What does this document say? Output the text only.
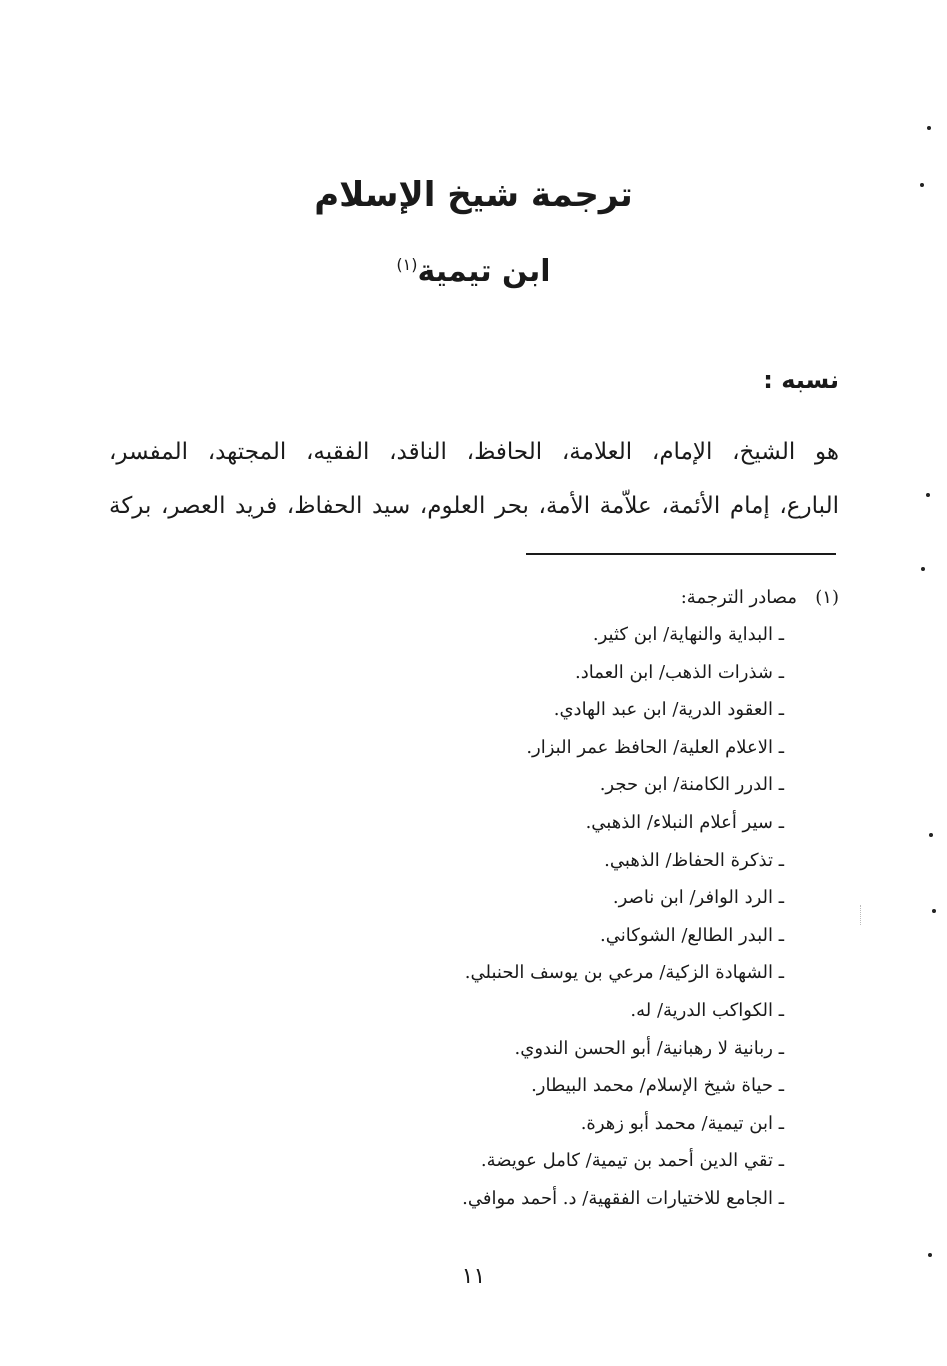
ترجمة شيخ الإسلام
ابن تيمية$^{(١)}$
نسبه :

هو الشيخ، الإمام، العلامة، الحافظ، الناقد، الفقيه، المجتهد، المفسر،

البارع، إمام الأئمة، علاّمة الأمة، بحر العلوم، سيد الحفاظ، فريد العصر، بركة

(١)مصادر الترجمة:
ـ البداية والنهاية/ ابن كثير.
ـ شذرات الذهب/ ابن العماد.
ـ العقود الدرية/ ابن عبد الهادي.
ـ الاعلام العلية/ الحافظ عمر البزار.
ـ الدرر الكامنة/ ابن حجر.
ـ سير أعلام النبلاء/ الذهبي.
ـ تذكرة الحفاظ/ الذهبي.
ـ الرد الوافر/ ابن ناصر.
ـ البدر الطالع/ الشوكاني.
ـ الشهادة الزكية/ مرعي بن يوسف الحنبلي.
ـ الكواكب الدرية/ له.
ـ ربانية لا رهبانية/ أبو الحسن الندوي.
ـ حياة شيخ الإسلام/ محمد البيطار.
ـ ابن تيمية/ محمد أبو زهرة.
ـ تقي الدين أحمد بن تيمية/ كامل عويضة.
ـ الجامع للاختيارات الفقهية/ د. أحمد موافي.
١١
